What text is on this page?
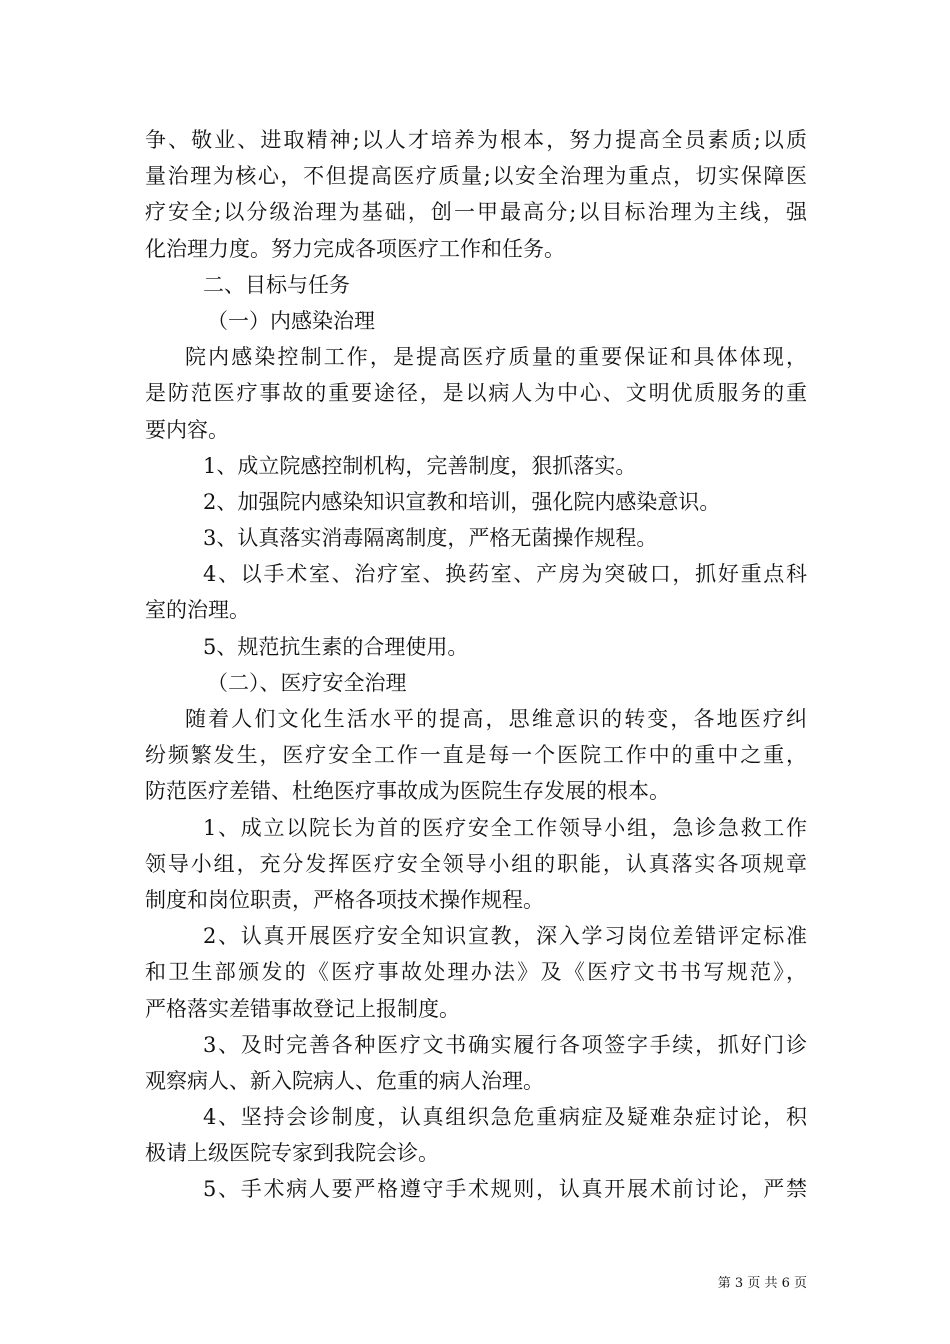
争、敬业、进取精神;以人才培养为根本，努力提高全员素质;以质
量治理为核心，不但提高医疗质量;以安全治理为重点，切实保障医
疗安全;以分级治理为基础，创一甲最高分;以目标治理为主线，强
化治理力度。努力完成各项医疗工作和任务。
二、目标与任务
（一）内感染治理
院内感染控制工作，是提高医疗质量的重要保证和具体体现，
是防范医疗事故的重要途径，是以病人为中心、文明优质服务的重
要内容。
1、成立院感控制机构，完善制度，狠抓落实。
2、加强院内感染知识宣教和培训，强化院内感染意识。
3、认真落实消毒隔离制度，严格无菌操作规程。
4、以手术室、治疗室、换药室、产房为突破口，抓好重点科
室的治理。
5、规范抗生素的合理使用。
（二）、医疗安全治理
随着人们文化生活水平的提高，思维意识的转变，各地医疗纠
纷频繁发生，医疗安全工作一直是每一个医院工作中的重中之重，
防范医疗差错、杜绝医疗事故成为医院生存发展的根本。
1、成立以院长为首的医疗安全工作领导小组，急诊急救工作
领导小组，充分发挥医疗安全领导小组的职能，认真落实各项规章
制度和岗位职责，严格各项技术操作规程。
2、认真开展医疗安全知识宣教，深入学习岗位差错评定标准
和卫生部颁发的《医疗事故处理办法》及《医疗文书书写规范》，
严格落实差错事故登记上报制度。
3、及时完善各种医疗文书确实履行各项签字手续，抓好门诊
观察病人、新入院病人、危重的病人治理。
4、坚持会诊制度，认真组织急危重病症及疑难杂症讨论，积
极请上级医院专家到我院会诊。
5、手术病人要严格遵守手术规则，认真开展术前讨论，严禁
第 3 页 共 6 页
